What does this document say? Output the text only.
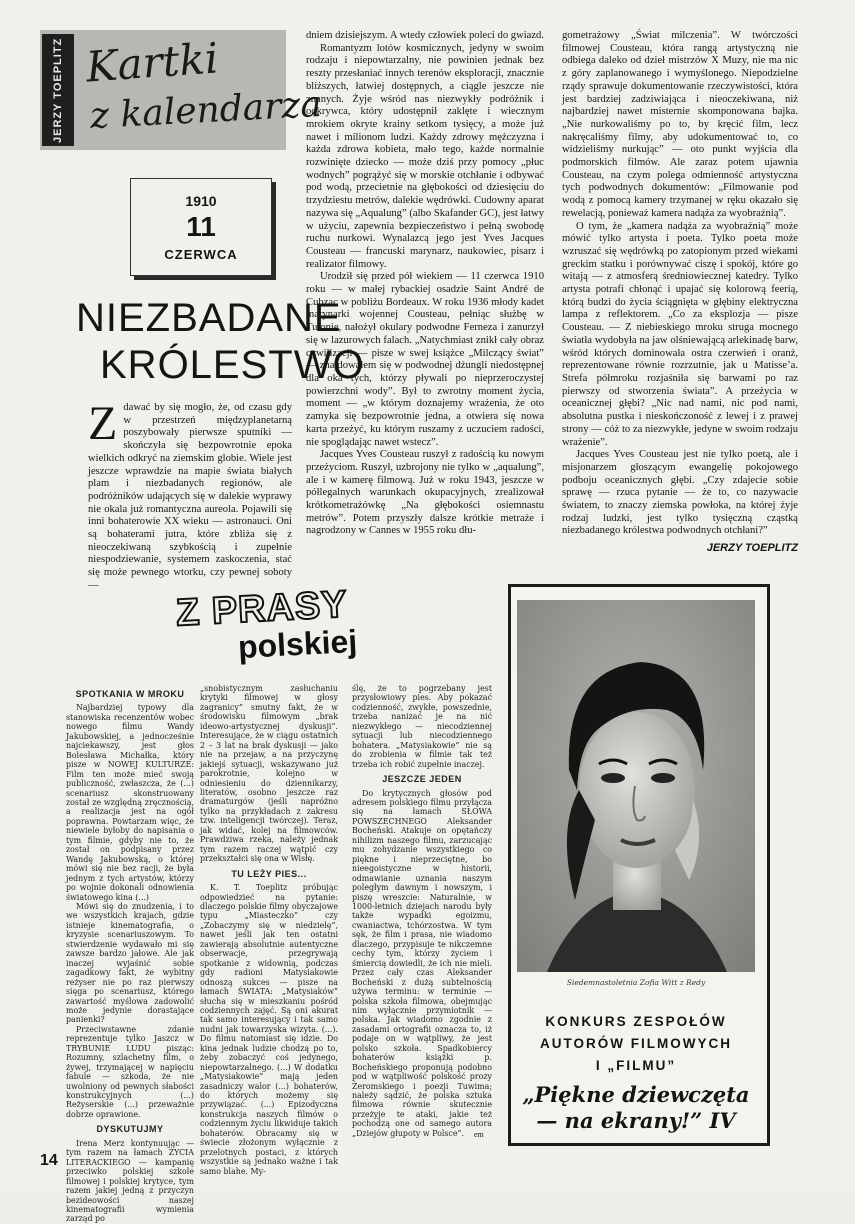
JERZY TOEPLITZ Kartki
z kalendarza
1910
11
CZERWCA
NIEZBADANE
KRÓLESTWO
Z dawać by się mogło, że, od czasu gdy w przestrzeń międzyplanetarną poszybowały pierwsze sputniki — skończyła się bezpowrotnie epoka wielkich odkryć na ziemskim globie. Wiele jest jeszcze wprawdzie na mapie świata białych plam i niezbadanych regionów, ale podróżników udających się w dalekie wyprawy nie okala już romantyczna aureola. Pojawili się inni bohaterowie XX wieku — astronauci. Oni są bohaterami jutra, które zbliża się z nieoczekiwaną szybkością i zupełnie niespodziewanie, systemem zaskoczenia, stać się może pewnego wtorku, czy pewnej soboty —

dniem dzisiejszym. A wtedy człowiek poleci do gwiazd.

Romantyzm lotów kosmicznych, jedyny w swoim rodzaju i niepowtarzalny, nie powinien jednak bez reszty przesłaniać innych terenów eksploracji, znacznie bliższych, łatwiej dostępnych, a ciągle jeszcze nie znanych. Żyje wśród nas niezwykły podróżnik i odkrywca, który udostępnił zaklęte i wiecznym mrokiem okryte krainy setkom tysięcy, a może już nawet i milionom ludzi. Każdy zdrowy mężczyzna i każda zdrowa kobieta, mało tego, każde normalnie rozwinięte dziecko — może dziś przy pomocy „płuc wodnych” pogrążyć się w morskie otchłanie i odbywać pod wodą, przecietnie na głębokości od dziesięciu do trzydziestu metrów, dalekie wędrówki. Cudowny aparat nazywa się „Aqualung” (albo Skafander GC), jest łatwy w użyciu, zapewnia bezpieczeństwo i pełną swobodę ruchu nurkowi. Wynalazcą jego jest Yves Jacques Cousteau — francuski marynarz, naukowiec, pisarz i realizator filmowy.

Urodził się przed pół wiekiem — 11 czerwca 1910 roku — w małej rybackiej osadzie Saint André de Cubzac w pobliżu Bordeaux. W roku 1936 młody kadet marynarki wojennej Cousteau, pełniąc służbę w Tulonie, nałożył okulary podwodne Ferneza i zanurzył się w lazurowych falach. „Natychmiast znikł cały obraz cywilizacji — pisze w swej książce „Milczący świat” — znajdowałem się w podwodnej dżungli niedostępnej dla oka tych, którzy pływali po nieprzeroczystej powierzchni wody”. Był to zwrotny moment życia, moment — „w którym doznajemy wrażenia, że oto zamyka się bezpowrotnie jedna, a otwiera się nowa karta przeżyć, ku którym ruszamy z uczuciem radości, nie spoglądając nawet wstecz”.

Jacques Yves Cousteau ruszył z radością ku nowym przeżyciom. Ruszył, uzbrojony nie tylko w „aqualung”, ale i w kamerę filmową. Już w roku 1943, jeszcze w półlegalnych warunkach okupacyjnych, zrealizował krótkometrażówkę „Na głębokości osiemnastu metrów”. Potem przyszły dalsze krótkie metraże i nagrodzony w Cannes w 1955 roku dłu-

gometrażowy „Świat milczenia”. W twórczości filmowej Cousteau, która rangą artystyczną nie odbiega daleko od dzieł mistrzów X Muzy, nie ma nic z góry zaplanowanego i wymyślonego. Niepodzielne rządy sprawuje dokumentowanie rzeczywistości, która jest bardziej zadziwiająca i nieoczekiwana, niż najbardziej nawet misternie skomponowana bajka. „Nie nurkowaliśmy po to, by kręcić film, lecz nakręcaliśmy filmy, aby udokumentować to, co widzieliśmy nurkując” — oto punkt wyjścia dla podmorskich filmów. Ale zaraz potem ujawnia Cousteau, na czym polega odmienność artystyczna tych podwodnych dokumentów: „Filmowanie pod wodą z pomocą kamery trzymanej w ręku okazało się rewelacją, ponieważ kamera nadąża za wyobraźnią”.

O tym, że „kamera nadąża za wyobraźnią” może mówić tylko artysta i poeta. Tylko poeta może wzruszać się wędrówką po zatopionym przed wiekami greckim statku i porównywać ciszę i spokój, które go witają — z atmosferą średniowiecznej katedry. Tylko artysta potrafi chłonąć i upajać się kolorową feerią, którą budzi do życia ściągnięta w głębiny elektryczna lampa z reflektorem. „Co za eksplozja — pisze Cousteau. — Z niebieskiego mroku struga mocnego światła wydobyła na jaw olśniewającą arlekinadę barw, wśród których dominowała ostra czerwień i oranż, reprezentowane równie rozrzutnie, jak u Matisse’a. Strefa półmroku rozjaśniła się barwami po raz pierwszy od stworzenia świata”. A przeżycia w oceanicznej głębi? „Nic nad nami, nic pod nami, absolutna pustka i nieskończoność z lewej i z prawej strony — cóż to za niezwykłe, jedyne w swoim rodzaju wrażenie”.

Jacques Yves Cousteau jest nie tylko poetą, ale i misjonarzem głoszącym ewangelię pokojowego podboju oceanicznych głębi. „Czy zdajecie sobie sprawę — rzuca pytanie — że to, co nazywacie światem, to znaczy ziemska powłoka, na której żyje rodzaj ludzki, jest tylko tysięczną cząstką niezbadanego królestwa podwodnych otchłani?”

JERZY TOEPLITZ
Z PRASY
polskiej
SPOTKANIA W MROKU

Najbardziej typowy dla stanowiska recenzentów wobec nowego filmu Wandy Jakubowskiej, a jednocześnie najciekawszy, jest głos Bolesława Michałka, który pisze w NOWEJ KULTURZE: Film ten może mieć swoją publiczność, zwłaszcza, że (...) scenariusz skonstruowany został ze względną zręcznością, a realizacja jest na ogół poprawna. Powtarzam więc, że niewiele byłoby do napisania o tym filmie, gdyby nie to, że został on podpisany przez Wandę Jakubowską, o której mówi się nie bez racji, że była jednym z tych artystów, którzy po wojnie dokonali odnowienia światowego kina (...)

Mówi się do znudzenia, i to we wszystkich krajach, gdzie istnieje kinematografia, o kryzysie scenariuszowym. To stwierdzenie wydawało mi się zawsze bardzo jałowe. Ale jak inaczej wyjaśnić sobie zagadkowy fakt, że wybitny reżyser nie po raz pierwszy sięga po scenariusz, którego zawartość myślowa zadowolić może jedynie dorastające panienki?

Przeciwstawne zdanie reprezentuje tylko Jaszcz w TRYBUNIE LUDU pisząc: Rozumny, szlachetny film, o żywej, trzymającej w napięciu fabule — szkoda, że nie uwolniony od pewnych słabości konstrukcyjnych (...) Reżyserskie (...) przeważnie dobrze oprawione.

DYSKUTUJMY

Irena Merz kontynuując — tym razem na łamach ŻYCIA LITERACKIEGO — kampanię przeciwko polskiej szkole filmowej i polskiej krytyce, tym razem jakiej jedną z przyczyn bezideowości naszej kinematografii wymienia zarząd po

„snobistycznym zasłuchaniu krytyki filmowej w głosy zagranicy” smutny fakt, że w środowisku filmowym „brak ideowo-artystycznej dyskusji”. Interesujące, że w ciągu ostatnich 2 – 3 lat na brak dyskusji — jako nie na przejaw, a na przyczynę jakiejś sytuacji, wskazywano już parokrotnie, kolejno w odniesieniu do dziennikarzy, literatów, osobno jeszcze raz dramaturgów (jeśli napróżno tylko na przykładach z zakresu tzw. inteligencji twórczej). Teraz, jak widać, kolej na filmowców. Prawdziwa rzeka, należy jednak tym razem raczej wątpić czy przekształci się ona w Wisłę.

TU LEŻY PIES...

K. T. Toeplitz próbując odpowiedzieć na pytanie: dlaczego polskie filmy obyczajowe typu „Miasteczko” czy „Zobaczymy się w niedzielę”, nawet jeśli jak ten ostatni zawierają absolutnie autentyczne obserwacje, przegrywają spotkanie z widownią, podczas gdy radioni Matysiakowie odnoszą sukces — pisze na łamach ŚWIATA: „Matysiaków” słucha się w mieszkaniu pośród codziennych zajęć. Są oni akurat tak samo interesujący i tak samo nudni jak towarzyska wizyta. (...). Do filmu natomiast się idzie. Do kina jednak ludzie chodzą po to, żeby zobaczyć coś jedynego, niepowtarzalnego. (...) W dodatku „Matysiakowie” mają jeden zasadniczy walor (...) bohaterów, do których możemy się przywiązać. (...) Epizodyczna konstrukcja naszych filmów o codziennym życiu likwiduje takich bohaterów. Obracamy się w świecie złożonym wyłącznie z przelotnych postaci, z których wszystkie są jednako ważne i tak samo blahe. My-

ślę, że to pogrzebany jest przysłowiowy pies. Aby pokazać codzienność, zwykłe, powszednie, trzeba nanizać je na nić niezwykłego — niecodziennej sytuacji lub niecodziennego bohatera. „Matysiakowie” nie są do zrobienia w filmie tak też trzeba ich robić zupełnie inaczej.

JESZCZE JEDEN

Do krytycznych głosów pod adresem polskiego filmu przyłącza się na łamach SŁOWA POWSZECHNEGO Aleksander Bocheński. Atakuje on opętańczy nihilizm naszego filmu, zarzucając mu zohydzanie wszystkiego co piękne i nieprzeciętne, bo nieegoistyczne w historii, odmawianie uznania naszym poległym dawnym i nowszym, i piszę wreszcie: Naturalnie, w 1000-letnich dziejach narodu były także wypadki egoizmu, cwaniactwa, tchórzostwa. W tym sęk, że film i prasa, nie wiadomo dlaczego, przypisuje te nikczemne cechy tym, którzy życiem i śmiercią dowiedli, że ich nie mieli. Przez cały czas Aleksander Bocheński z dużą subtelnością używa terminu: w terminie — polska szkoła filmowa, obejmując nim wyłącznie przymiotnik — polska. Jak wiadomo zgodnie z zasadami ortografii oznacza to, iż podaje on w wątpliwy, że jest polsko szkoła. Spadkobiercy bohaterów książki p. Bocheńskiego proponują podobno pod w wątpliwość polskość prozy Żeromskiego i poezji Tuwima; należy sądzić, że polska sztuka filmowa równie skutecznie przeżyje te ataki, jakie też pochodzą one od samego autora „Dziejów głupoty w Polsce”.	em
Siedemnastoletnia Zofia Witt z Redy
KONKURS ZESPOŁÓW
AUTORÓW FILMOWYCH
I „FILMU”
„Piękne dziewczęta
— na ekrany!” IV
14
